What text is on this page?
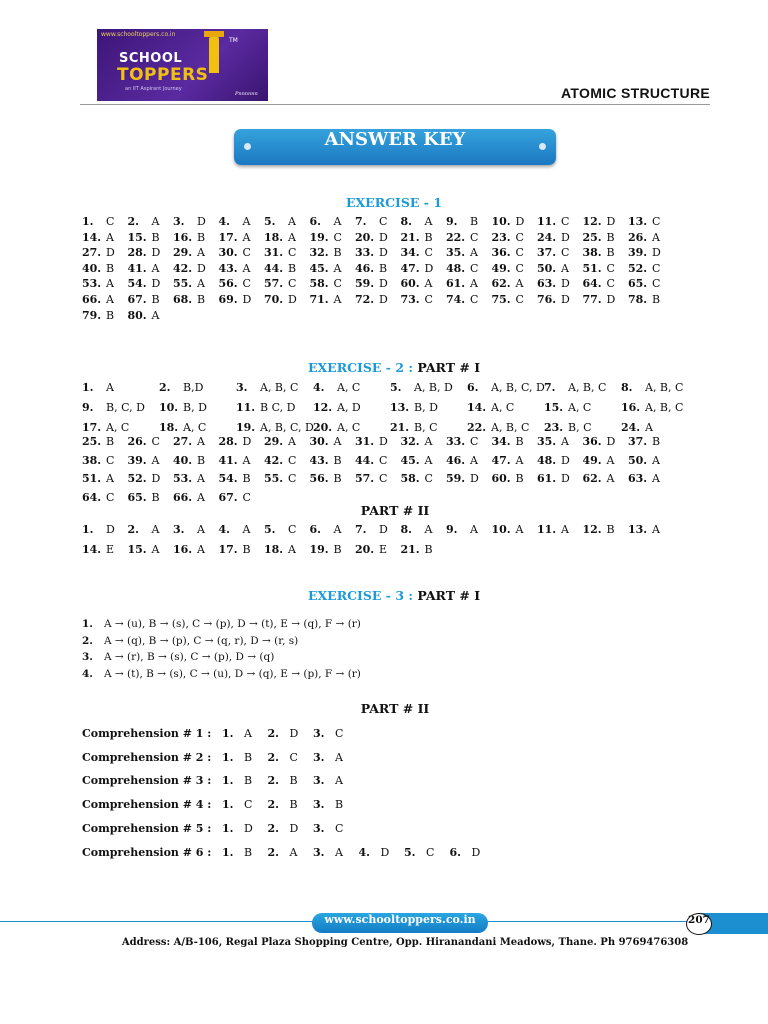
www.schooltoppers.co.in
SCHOOL
TOPPERS
an IIT Aspirant Journey
TM
Pnnnnnn	ATOMIC STRUCTURE
ANSWER KEY
EXERCISE - 1
1. C 2. A 3. D 4. A 5. A 6. A 7. C 8. A 9. B 10. D 11. C 12. D 13. C
14. A 15. B 16. B 17. A 18. A 19. C 20. D 21. B 22. C 23. C 24. D 25. B 26. A
27. D 28. D 29. A 30. C 31. C 32. B 33. D 34. C 35. A 36. C 37. C 38. B 39. D
40. B 41. A 42. D 43. A 44. B 45. A 46. B 47. D 48. C 49. C 50. A 51. C 52. C
53. A 54. D 55. A 56. C 57. C 58. C 59. D 60. A 61. A 62. A 63. D 64. C 65. C
66. A 67. B 68. B 69. D 70. D 71. A 72. D 73. C 74. C 75. C 76. D 77. D 78. B
79. B 80. A
EXERCISE - 2 : PART # I
1. A	2. B,D	3. A, B, C 4. A, C	5. A, B, D 6. A, B, C, D 7. A, B, C 8. A, B, C
9. B, C, D 10. B, D	11. B C, D 12. A, D	13. B, D	14. A, C	15. A, C	16. A, B, C
17. A, C	18. A, C	19. A, B, C, D 20. A, C	21. B, C	22. A, B, C 23. B, C	24. A
25. B 26. C 27. A 28. D 29. A 30. A 31. D 32. A 33. C 34. B 35. A 36. D 37. B
38. C 39. A 40. B 41. A 42. C 43. B 44. C 45. A 46. A 47. A 48. D 49. A 50. A
51. A 52. D 53. A 54. B 55. C 56. B 57. C 58. C 59. D 60. B 61. D 62. A 63. A
64. C 65. B 66. A 67. C
PART # II
1. D 2. A 3. A 4. A 5. C 6. A 7. D 8. A 9. A 10. A 11. A 12. B 13. A
14. E 15. A 16. A 17. B 18. A 19. B 20. E 21. B
EXERCISE - 3 : PART # I
1. A → (u), B → (s), C → (p), D → (t), E → (q), F → (r)
2. A → (q), B → (p), C → (q, r), D → (r, s)
3. A → (r), B → (s), C → (p), D → (q)
4. A → (t), B → (s), C → (u), D → (q), E → (p), F → (r)
PART # II
Comprehension # 1 : 1. A 2. D 3. C
Comprehension # 2 : 1. B 2. C 3. A
Comprehension # 3 : 1. B 2. B 3. A
Comprehension # 4 : 1. C 2. B 3. B
Comprehension # 5 : 1. D 2. D 3. C
Comprehension # 6 : 1. B 2. A 3. A 4. D 5. C 6. D
www.schooltoppers.co.in	207
Address: A/B-106, Regal Plaza Shopping Centre, Opp. Hiranandani Meadows, Thane. Ph 9769476308
